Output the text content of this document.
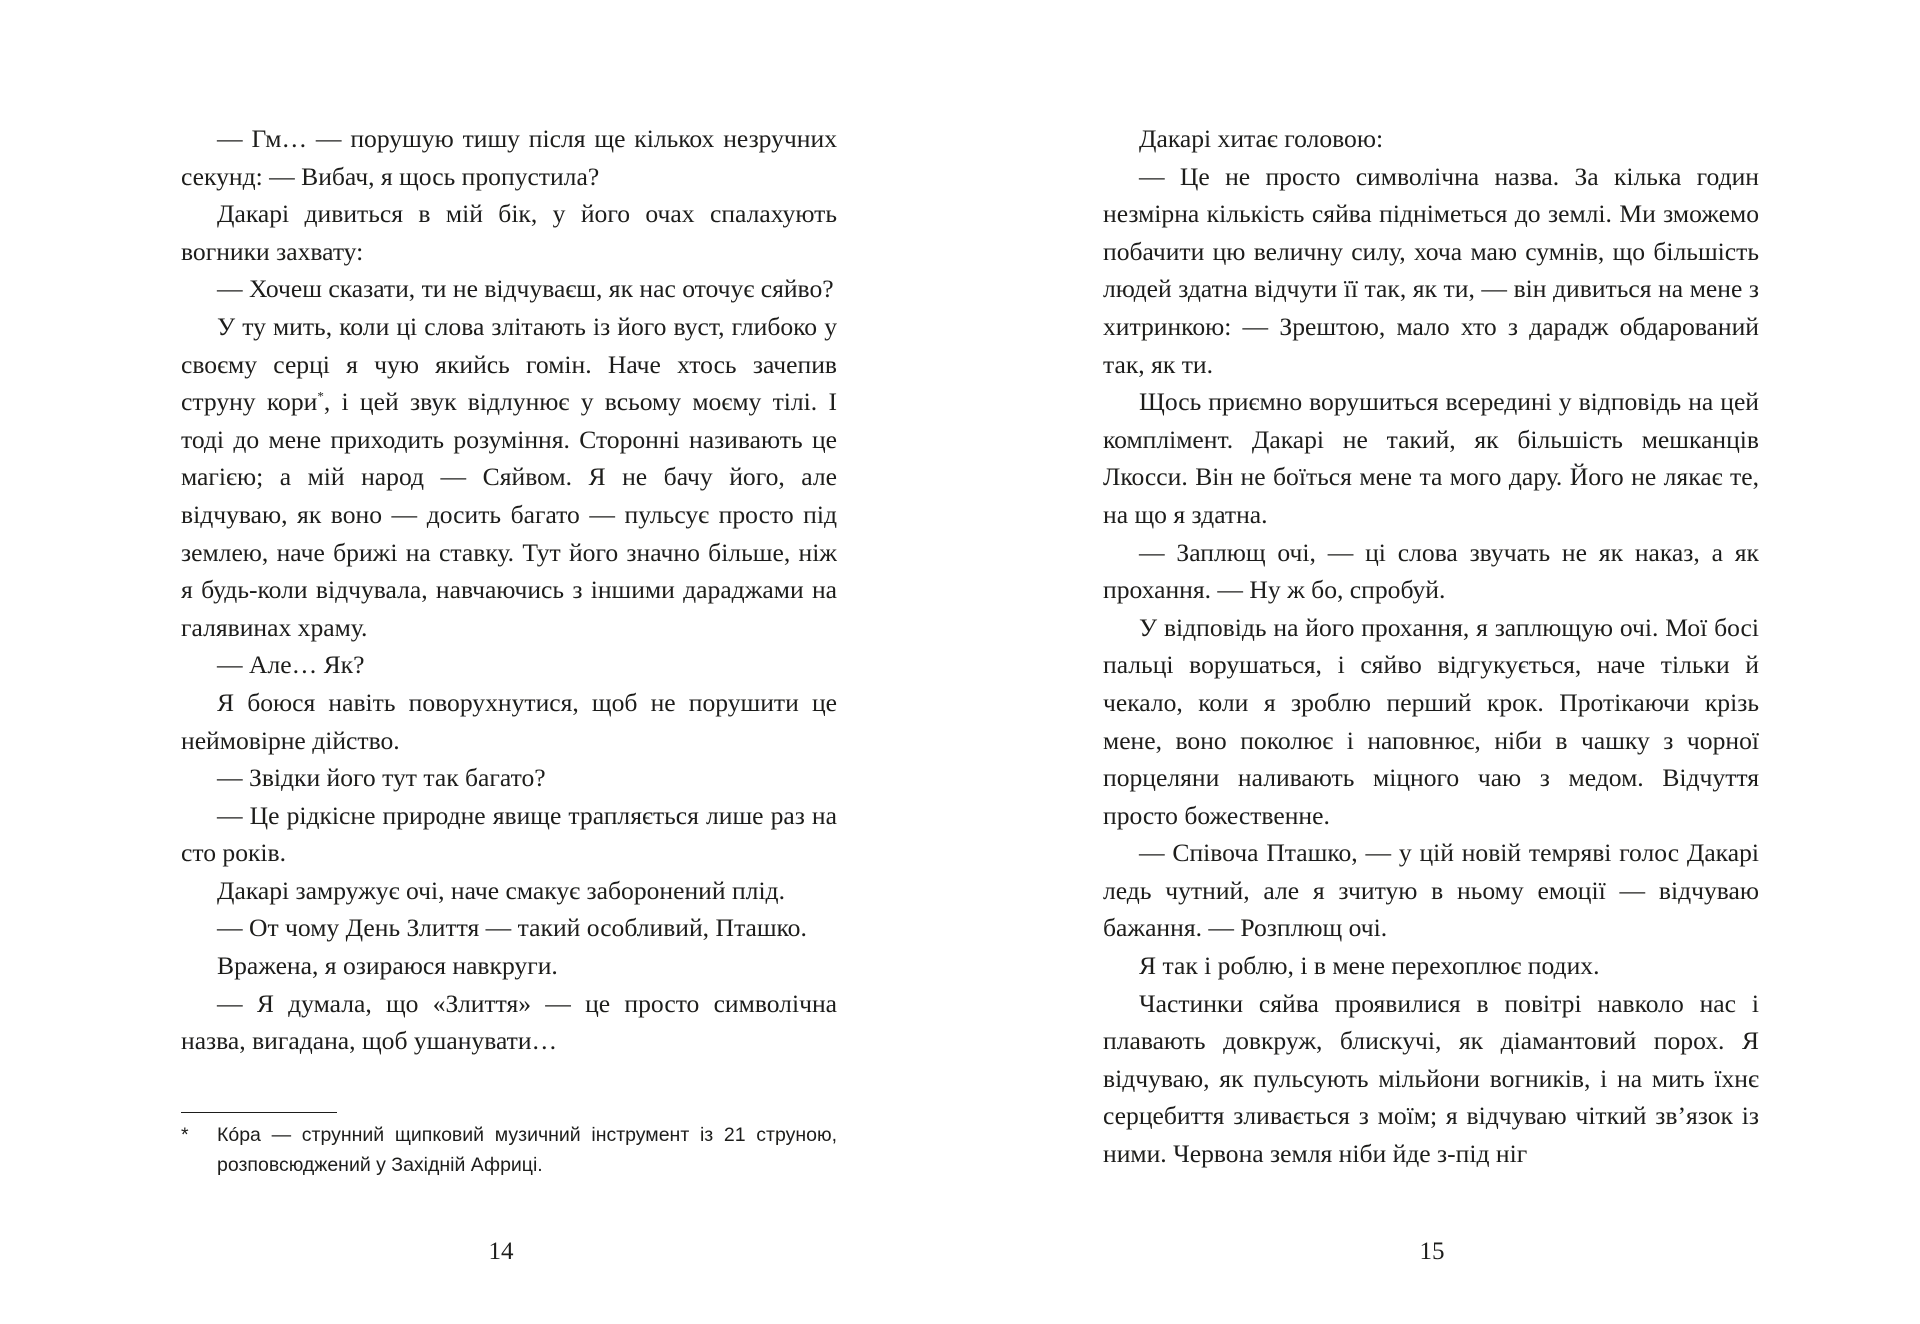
— Гм… — порушую тишу після ще кількох незручних секунд: — Вибач, я щось пропустила?

Дакарі дивиться в мій бік, у його очах спалахують вогники захвату:

— Хочеш сказати, ти не відчуваєш, як нас оточує сяйво?

У ту мить, коли ці слова злітають із його вуст, глибоко у своєму серці я чую якийсь гомін. Наче хтось зачепив струну кори*, і цей звук відлунює у всьому моєму тілі. І тоді до мене приходить розуміння. Сторонні називають це магією; а мій народ — Сяйвом. Я не бачу його, але відчуваю, як воно — досить багато — пульсує просто під землею, наче брижі на ставку. Тут його значно більше, ніж я будь-коли відчувала, навчаючись з іншими дараджами на галявинах храму.

— Але… Як?

Я боюся навіть поворухнутися, щоб не порушити це неймовірне дійство.

— Звідки його тут так багато?

— Це рідкісне природне явище трапляється лише раз на сто років.

Дакарі замружує очі, наче смакує заборонений плід.

— От чому День Злиття — такий особливий, Пташко.

Вражена, я озираюся навкруги.

— Я думала, що «Злиття» — це просто символічна назва, вигадана, щоб ушанувати…

* Кóра — струнний щипковий музичний інструмент із 21 струною, розповсюджений у Західній Африці.
14

Дакарі хитає головою:

— Це не просто символічна назва. За кілька годин незмірна кількість сяйва підніметься до землі. Ми зможемо побачити цю величну силу, хоча маю сумнів, що більшість людей здатна відчути її так, як ти, — він дивиться на мене з хитринкою: — Зрештою, мало хто з дарадж обдарований так, як ти.

Щось приємно ворушиться всередині у відповідь на цей комплімент. Дакарі не такий, як більшість мешканців Лкосси. Він не боїться мене та мого дару. Його не лякає те, на що я здатна.

— Заплющ очі, — ці слова звучать не як наказ, а як прохання. — Ну ж бо, спробуй.

У відповідь на його прохання, я заплющую очі. Мої босі пальці ворушаться, і сяйво відгукується, наче тільки й чекало, коли я зроблю перший крок. Протікаючи крізь мене, воно поколює і наповнює, ніби в чашку з чорної порцеляни наливають міцного чаю з медом. Відчуття просто божественне.

— Співоча Пташко, — у цій новій темряві голос Дакарі ледь чутний, але я зчитую в ньому емоції — відчуваю бажання. — Розплющ очі.

Я так і роблю, і в мене перехоплює подих.

Частинки сяйва проявилися в повітрі навколо нас і плавають довкруж, блискучі, як діамантовий порох. Я відчуваю, як пульсують мільйони вогників, і на мить їхнє серцебиття зливається з моїм; я відчуваю чіткий зв’язок із ними. Червона земля ніби йде з-під ніг

15
